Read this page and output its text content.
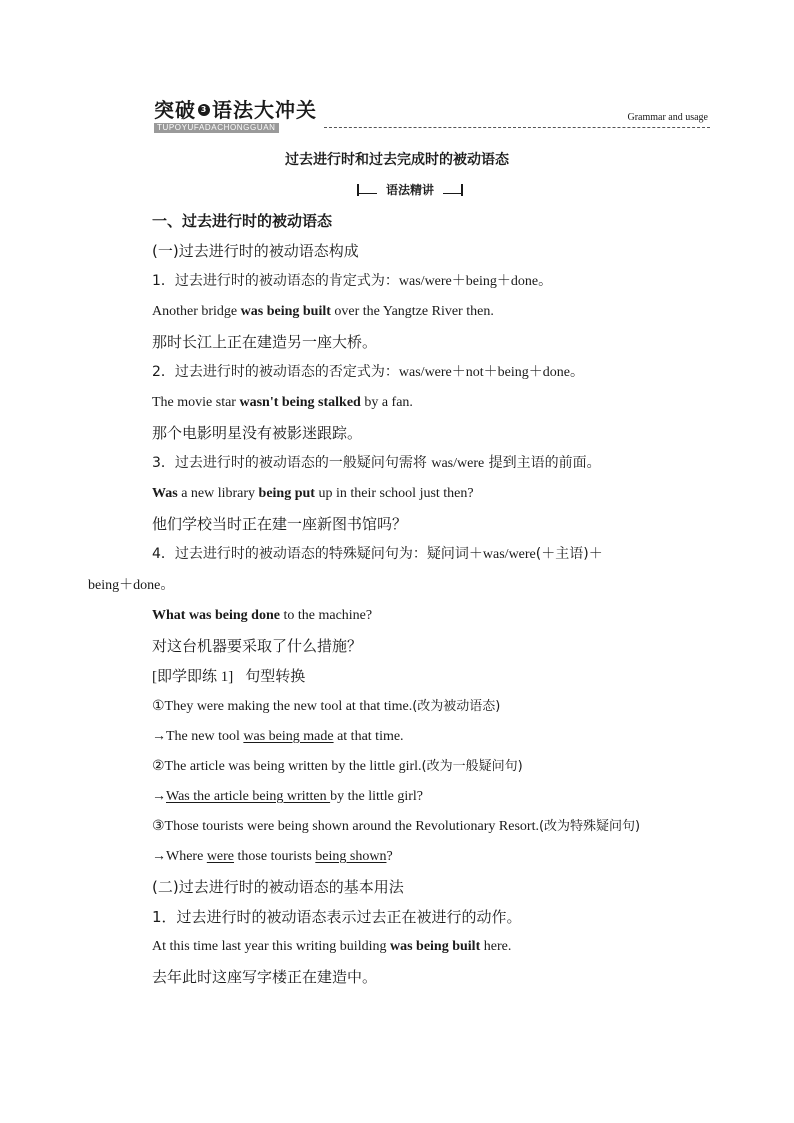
突破 3 语法大冲关
TUPOYUFADACHONGGUAN
Grammar and usage
过去进行时和过去完成时的被动语态
语法精讲
一、过去进行时的被动语态
(一)过去进行时的被动语态构成
1．过去进行时的被动语态的肯定式为：was/were＋being＋done。
Another bridge was being built over the Yangtze River then.
那时长江上正在建造另一座大桥。
2．过去进行时的被动语态的否定式为：was/were＋not＋being＋done。
The movie star wasn't being stalked by a fan.
那个电影明星没有被影迷跟踪。
3．过去进行时的被动语态的一般疑问句需将 was/were 提到主语的前面。
Was a new library being put up in their school just then?
他们学校当时正在建一座新图书馆吗？
4．过去进行时的被动语态的特殊疑问句为：疑问词＋was/were(＋主语)＋
being＋done。
What was being done to the machine?
对这台机器要采取了什么措施？
[即学即练 1] 句型转换
①They were making the new tool at that time.(改为被动语态)
→The new tool was being made at that time.
②The article was being written by the little girl.(改为一般疑问句)
→Was the article being written by the little girl?
③Those tourists were being shown around the Revolutionary Resort.(改为特殊疑问句)
→Where were those tourists being shown?
(二)过去进行时的被动语态的基本用法
1．过去进行时的被动语态表示过去正在被进行的动作。
At this time last year this writing building was being built here.
去年此时这座写字楼正在建造中。
